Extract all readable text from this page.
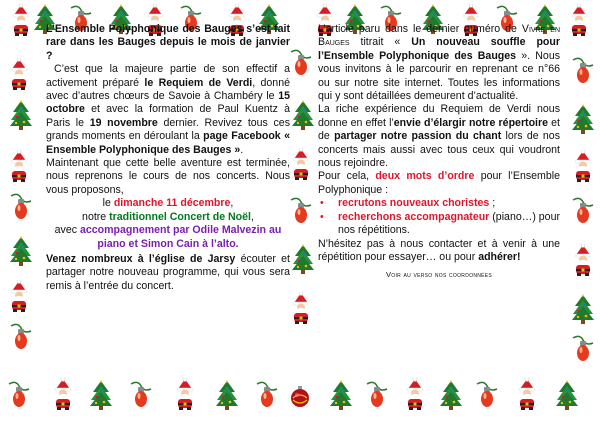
L’Ensemble Polyphonique des Bauges s’est fait rare dans les Bauges depuis le mois de janvier ?

C’est que la majeure partie de son effectif a activement préparé le Requiem de Verdi, donné avec d’autres chœurs de Savoie à Chambéry le 15 octobre et avec la formation de Paul Kuentz à Paris le 19 novembre dernier. Revivez tous ces grands moments en déroulant la page Facebook « Ensemble Polyphonique des Bauges ».

Maintenant que cette belle aventure est terminée, nous reprenons le cours de nos concerts. Nous vous proposons,

le dimanche 11 décembre,

notre traditionnel Concert de Noël,

avec accompagnement par Odile Malvezin au piano et Simon Cain à l’alto.

Venez nombreux à l’église de Jarsy écouter et partager notre nouveau programme, qui vous sera remis à l’entrée du concert.

L’article paru dans le dernier numéro de Vivre en Bauges titrait « Un nouveau souffle pour l’Ensemble Polyphonique des Bauges ». Nous vous invitons à le parcourir en reprenant ce n°66 ou sur notre site internet. Toutes les informations qui y sont détaillées demeurent d’actualité.

La riche expérience du Requiem de Verdi nous donne en effet l’envie d’élargir notre répertoire et de partager notre passion du chant lors de nos concerts mais aussi avec tous ceux qui voudront nous rejoindre.

Pour cela, deux mots d’ordre pour l’Ensemble Polyphonique :

• recrutons nouveaux choristes ;
• recherchons accompagnateur (piano…) pour nos répétitions.

N’hésitez pas à nous contacter et à venir à une répétition pour essayer… ou pour adhérer!

Voir au verso nos coordonnées
